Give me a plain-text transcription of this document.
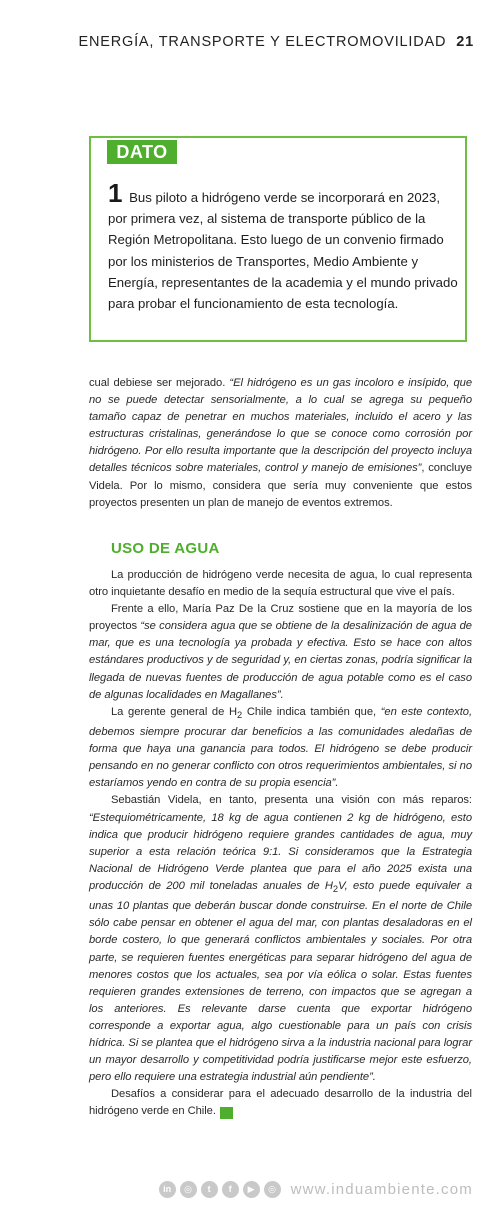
ENERGÍA, TRANSPORTE Y ELECTROMOVILIDAD 21
DATO
1 Bus piloto a hidrógeno verde se incorporará en 2023, por primera vez, al sistema de transporte público de la Región Metropolitana. Esto luego de un convenio firmado por los ministerios de Transportes, Medio Ambiente y Energía, representantes de la academia y el mundo privado para probar el funcionamiento de esta tecnología.

cual debiese ser mejorado. “El hidrógeno es un gas incoloro e insípido, que no se puede detectar sensorialmente, a lo cual se agrega su pequeño tamaño capaz de penetrar en muchos materiales, incluido el acero y las estructuras cristalinas, generándose lo que se conoce como corrosión por hidrógeno. Por ello resulta importante que la descripción del proyecto incluya detalles técnicos sobre materiales, control y manejo de emisiones”, concluye Videla. Por lo mismo, considera que sería muy conveniente que estos proyectos presenten un plan de manejo de eventos extremos.

USO DE AGUA

La producción de hidrógeno verde necesita de agua, lo cual representa otro inquietante desafío en medio de la sequía estructural que vive el país.

Frente a ello, María Paz De la Cruz sostiene que en la mayoría de los proyectos “se considera agua que se obtiene de la desalinización de agua de mar, que es una tecnología ya probada y efectiva. Esto se hace con altos estándares productivos y de seguridad y, en ciertas zonas, podría significar la llegada de nuevas fuentes de producción de agua potable como es el caso de algunas localidades en Magallanes”.

La gerente general de $H_2$ Chile indica también que, “en este contexto, debemos siempre procurar dar beneficios a las comunidades aledañas de forma que haya una ganancia para todos. El hidrógeno se debe producir pensando en no generar conflicto con otros requerimientos ambientales, si no estaríamos yendo en contra de su propia esencia”.

Sebastián Videla, en tanto, presenta una visión con más reparos: “Estequiométricamente, 18 kg de agua contienen 2 kg de hidrógeno, esto indica que producir hidrógeno requiere grandes cantidades de agua, muy superior a esta relación teórica 9:1. Si consideramos que la Estrategia Nacional de Hidrógeno Verde plantea que para el año 2025 exista una producción de 200 mil toneladas anuales de $H_2V$, esto puede equivaler a unas 10 plantas que deberán buscar donde construirse. En el norte de Chile sólo cabe pensar en obtener el agua del mar, con plantas desaladoras en el borde costero, lo que generará conflictos ambientales y sociales. Por otra parte, se requieren fuentes energéticas para separar hidrógeno del agua de menores costos que los actuales, sea por vía eólica o solar. Estas fuentes requieren grandes extensiones de terreno, con impactos que se agregan a los anteriores. Es relevante darse cuenta que exportar hidrógeno corresponde a exportar agua, algo cuestionable para un país con crisis hídrica. Si se plantea que el hidrógeno sirva a la industria nacional para lograr un mayor desarrollo y competitividad podría justificarse mejor este esfuerzo, pero ello requiere una estrategia industrial aún pendiente”.

Desafíos a considerar para el adecuado desarrollo de la industria del hidrógeno verde en Chile.	IA

in	◎	t	f	▶	◎ www.induambiente.com
